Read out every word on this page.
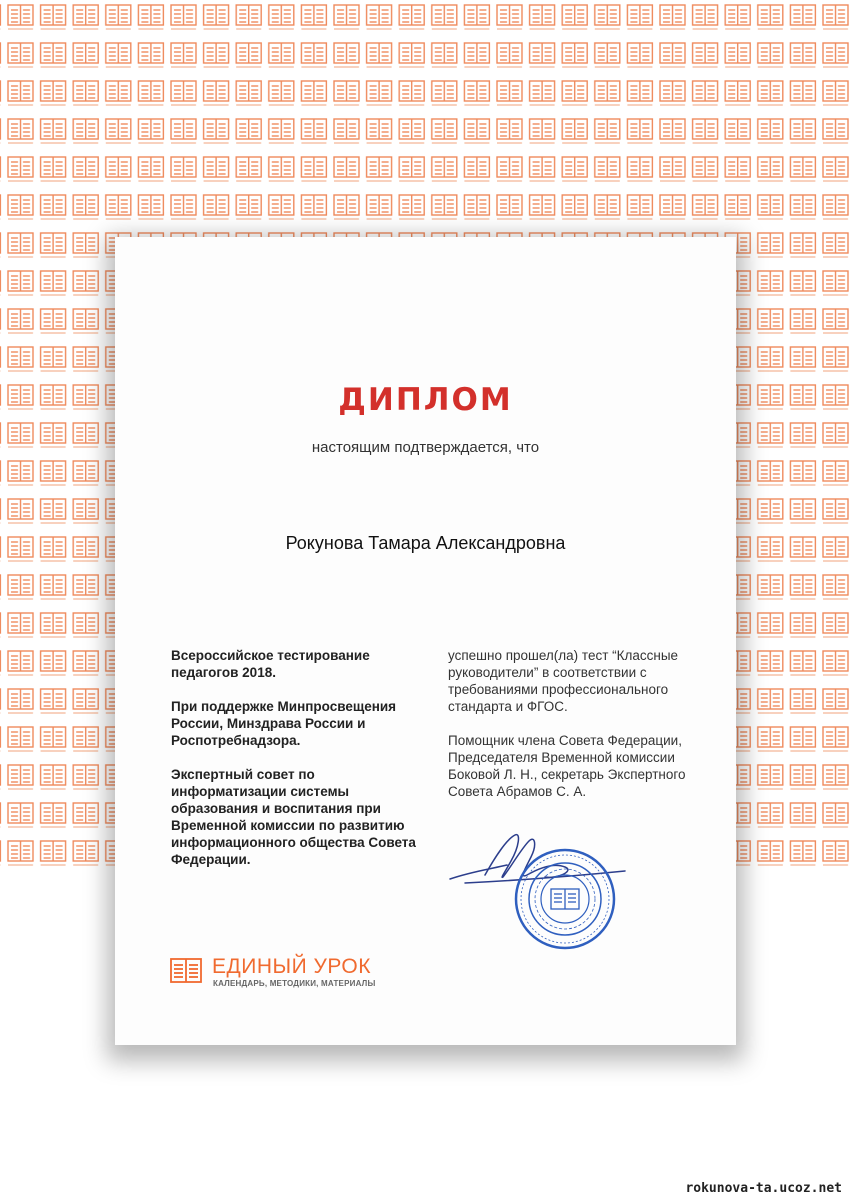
ДИПЛОМ
настоящим подтверждается, что
Рокунова Тамара Александровна

Всероссийское тестирование педагогов 2018.

При поддержке Минпросвещения России, Минздрава России и Роспотребнадзора.

Экспертный совет по информатизации системы образования и воспитания при Временной комиссии по развитию информационного общества Совета Федерации.

успешно прошел(ла) тест “Классные руководители” в соответствии с требованиями профессионального стандарта и ФГОС.

Помощник члена Совета Федерации, Председателя Временной комиссии Боковой Л. Н., секретарь Экспертного Совета Абрамов С. А.

ЕДИНЫЙ УРОК
КАЛЕНДАРЬ, МЕТОДИКИ, МАТЕРИАЛЫ
rokunova-ta.ucoz.net
